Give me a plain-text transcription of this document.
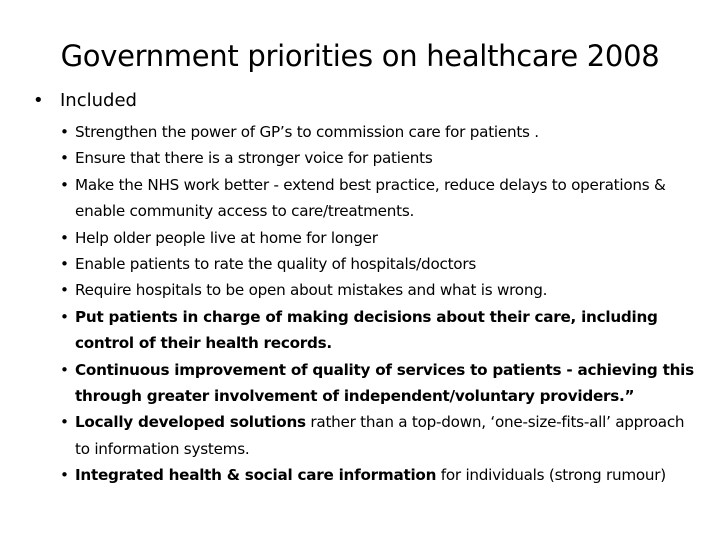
Government priorities on healthcare 2008
• Included
• Strengthen the power of GP’s to commission care for patients .
• Ensure that there is a stronger voice for patients
• Make the NHS work better - extend best practice, reduce delays to operations & enable community access to care/treatments.
• Help older people live at home for longer
• Enable patients to rate the quality of hospitals/doctors
• Require hospitals to be open about mistakes and what is wrong.
• Put patients in charge of making decisions about their care, including control of their health records.
• Continuous improvement of quality of services to patients - achieving this through greater involvement of independent/voluntary providers.”
• Locally developed solutions rather than a top-down, ‘one-size-fits-all’ approach to information systems.
• Integrated health & social care information for individuals (strong rumour)
